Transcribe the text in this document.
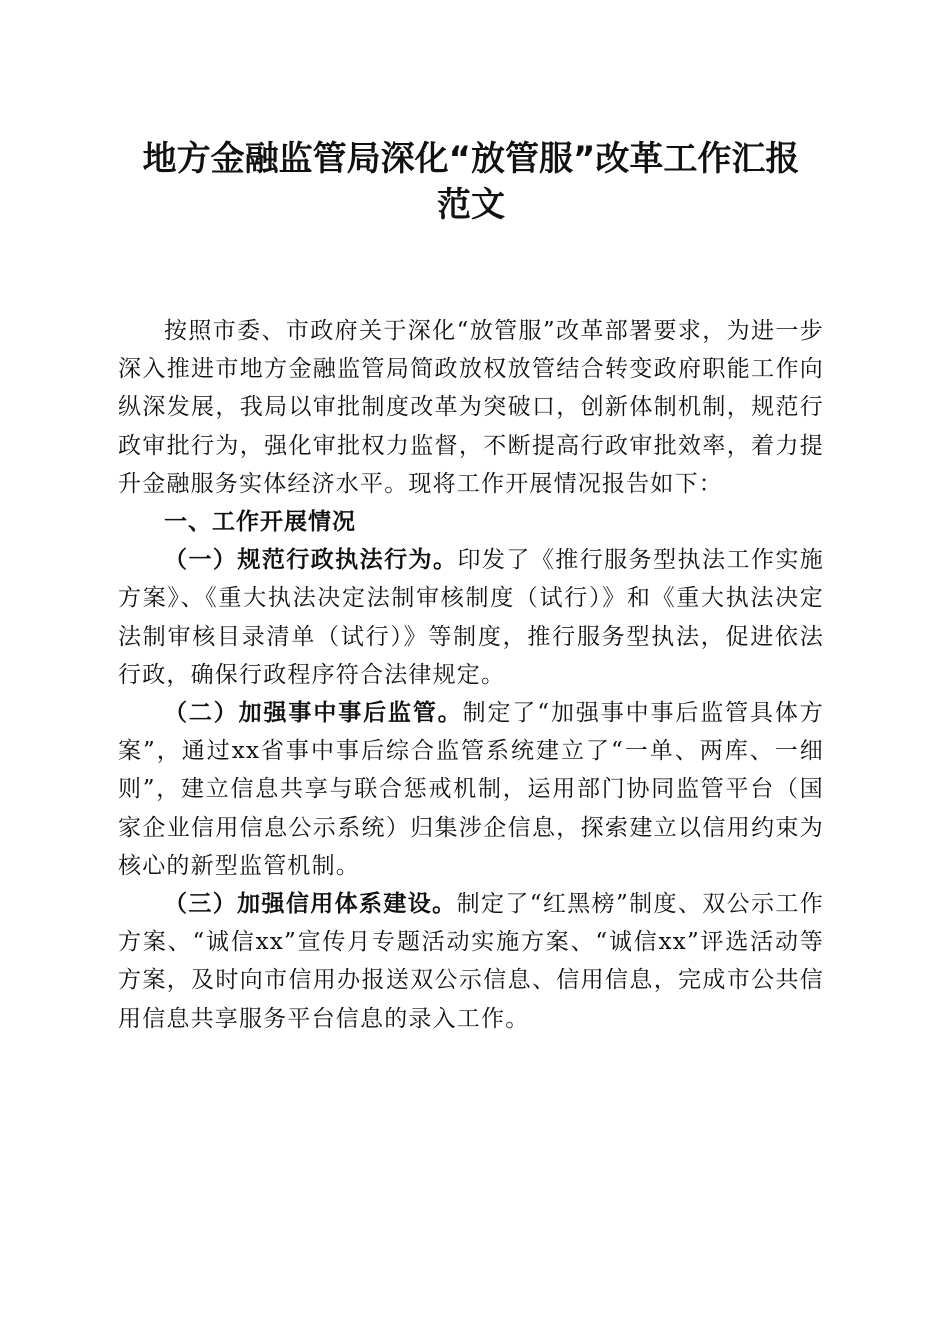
地方金融监管局深化“放管服”改革工作汇报
范文

按照市委、市政府关于深化“放管服”改革部署要求，为进一步深入推进市地方金融监管局简政放权放管结合转变政府职能工作向纵深发展，我局以审批制度改革为突破口，创新体制机制，规范行政审批行为，强化审批权力监督，不断提高行政审批效率，着力提升金融服务实体经济水平。现将工作开展情况报告如下：

一、工作开展情况

（一）规范行政执法行为。印发了《推行服务型执法工作实施方案》、《重大执法决定法制审核制度（试行）》和《重大执法决定法制审核目录清单（试行）》等制度，推行服务型执法，促进依法行政，确保行政程序符合法律规定。

（二）加强事中事后监管。制定了“加强事中事后监管具体方案”，通过xx省事中事后综合监管系统建立了“一单、两库、一细则”，建立信息共享与联合惩戒机制，运用部门协同监管平台（国家企业信用信息公示系统）归集涉企信息，探索建立以信用约束为核心的新型监管机制。

（三）加强信用体系建设。制定了“红黑榜”制度、双公示工作方案、“诚信xx”宣传月专题活动实施方案、“诚信xx”评选活动等方案，及时向市信用办报送双公示信息、信用信息，完成市公共信用信息共享服务平台信息的录入工作。
